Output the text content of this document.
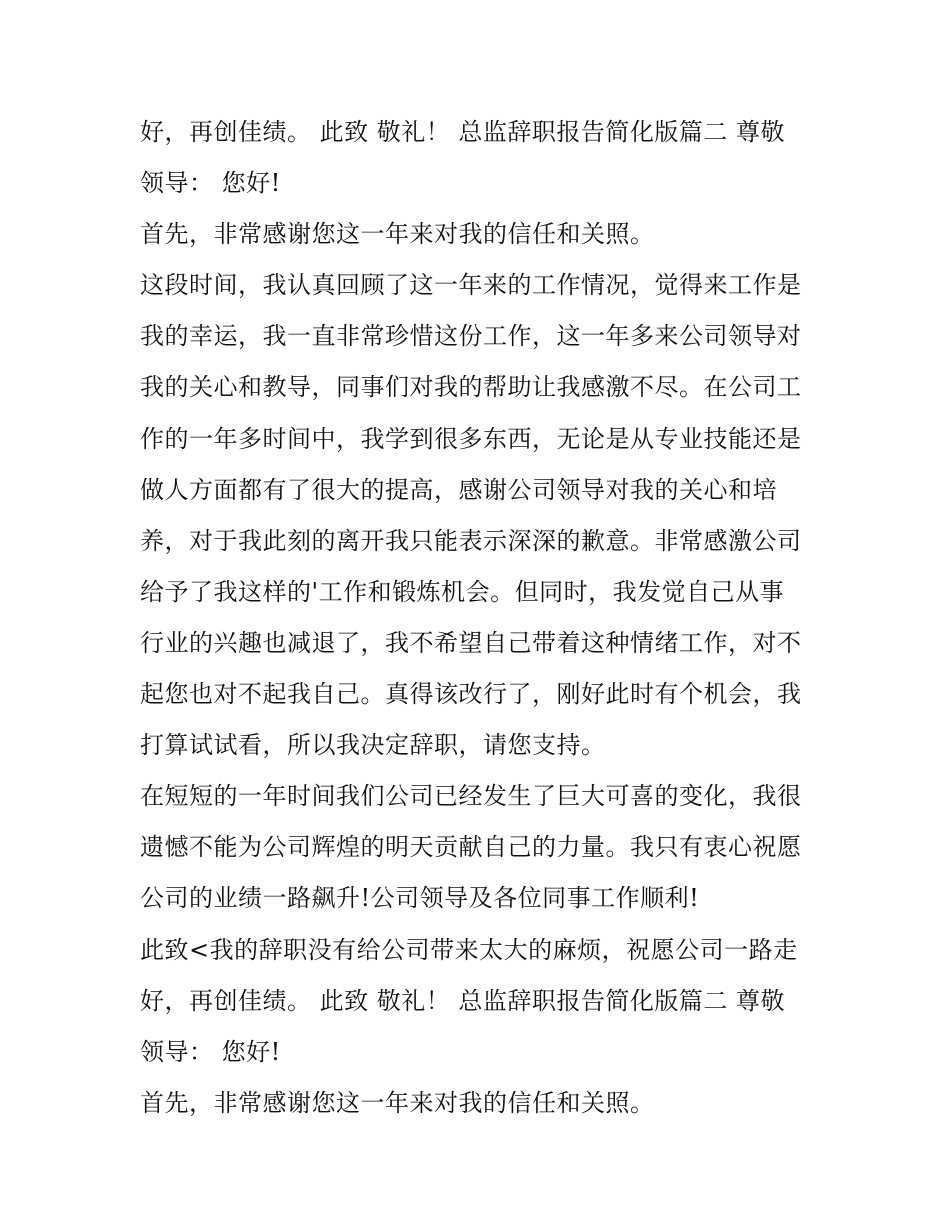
好，再创佳绩。 此致 敬礼！ 总监辞职报告简化版篇二 尊敬
领导： 您好!
首先，非常感谢您这一年来对我的信任和关照。
这段时间，我认真回顾了这一年来的工作情况，觉得来工作是
我的幸运，我一直非常珍惜这份工作，这一年多来公司领导对
我的关心和教导，同事们对我的帮助让我感激不尽。在公司工
作的一年多时间中，我学到很多东西，无论是从专业技能还是
做人方面都有了很大的提高，感谢公司领导对我的关心和培
养，对于我此刻的离开我只能表示深深的歉意。非常感激公司
给予了我这样的'工作和锻炼机会。但同时，我发觉自己从事
行业的兴趣也减退了，我不希望自己带着这种情绪工作，对不
起您也对不起我自己。真得该改行了，刚好此时有个机会，我
打算试试看，所以我决定辞职，请您支持。
在短短的一年时间我们公司已经发生了巨大可喜的变化，我很
遗憾不能为公司辉煌的明天贡献自己的力量。我只有衷心祝愿
公司的业绩一路飙升!公司领导及各位同事工作顺利!
此致<我的辞职没有给公司带来太大的麻烦，祝愿公司一路走
好，再创佳绩。 此致 敬礼！ 总监辞职报告简化版篇二 尊敬
领导： 您好!
首先，非常感谢您这一年来对我的信任和关照。
